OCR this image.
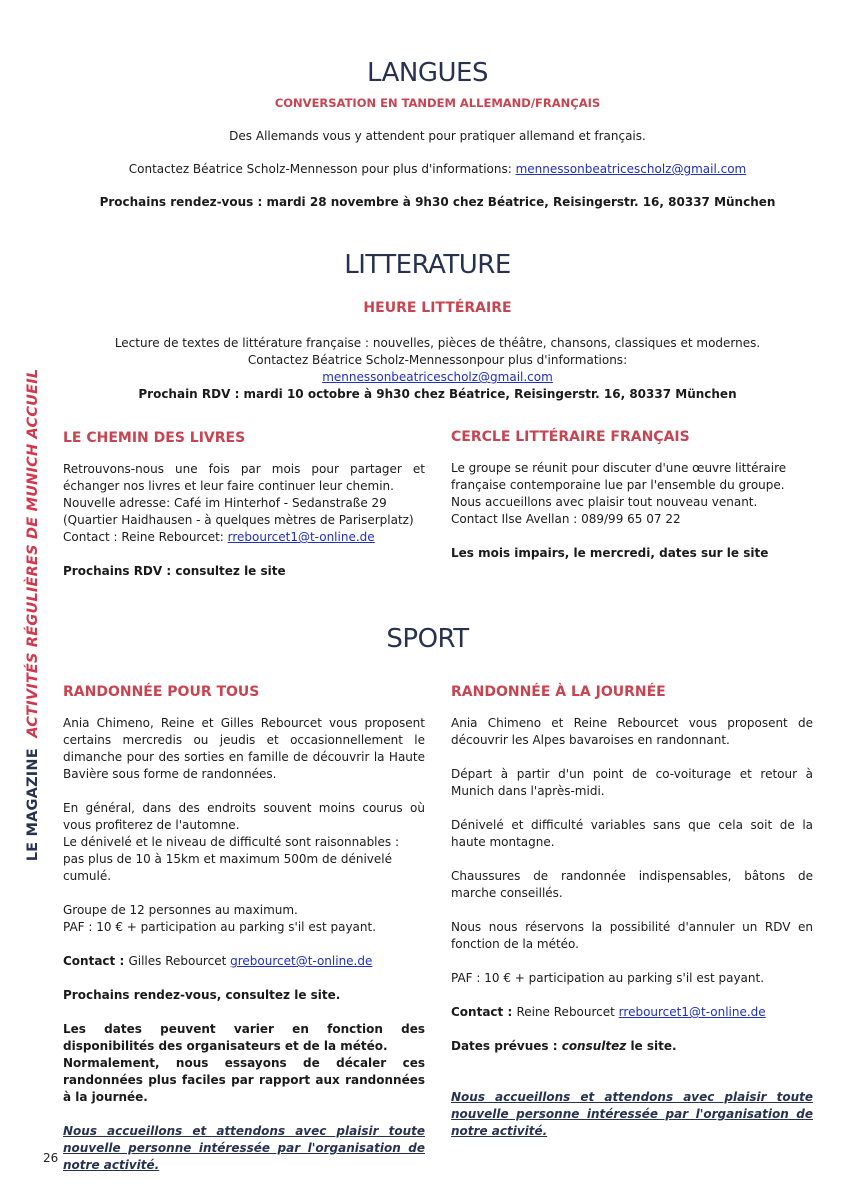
LE MAGAZINE  ACTIVITÉS RÉGULIÈRES DE MUNICH ACCUEIL
26
LANGUES
CONVERSATION EN TANDEM ALLEMAND/FRANÇAIS
Des Allemands vous y attendent pour pratiquer allemand et français.
Contactez Béatrice Scholz-Mennesson pour plus d'informations: mennessonbeatricescholz@gmail.com
Prochains rendez-vous : mardi 28 novembre à 9h30 chez Béatrice, Reisingerstr. 16, 80337 München
LITTERATURE
HEURE LITTÉRAIRE
Lecture de textes de littérature française : nouvelles, pièces de théâtre, chansons, classiques et modernes.
Contactez Béatrice Scholz-Mennessonpour plus d'informations:
mennessonbeatricescholz@gmail.com
Prochain RDV : mardi 10 octobre à 9h30 chez Béatrice, Reisingerstr. 16, 80337 München
LE CHEMIN DES LIVRES

Retrouvons-nous une fois par mois pour partager et échanger nos livres et leur faire continuer leur chemin.

Nouvelle adresse: Café im Hinterhof - Sedanstraße 29

(Quartier Haidhausen - à quelques mètres de Pariserplatz)

Contact : Reine Rebourcet: rrebourcet1@t-online.de

Prochains RDV : consultez le site

CERCLE LITTÉRAIRE FRANÇAIS

Le groupe se réunit pour discuter d'une œuvre littéraire française contemporaine lue par l'ensemble du groupe.

Nous accueillons avec plaisir tout nouveau venant.

Contact Ilse Avellan : 089/99 65 07 22

Les mois impairs, le mercredi, dates sur le site

SPORT
RANDONNÉE POUR TOUS

Ania Chimeno, Reine et Gilles Rebourcet vous proposent certains mercredis ou jeudis et occasionnellement le dimanche pour des sorties en famille de découvrir la Haute Bavière sous forme de randonnées.

En général, dans des endroits souvent moins courus où vous profiterez de l'automne.

Le dénivelé et le niveau de difficulté sont raisonnables :

pas plus de 10 à 15km et maximum 500m de dénivelé cumulé.

Groupe de 12 personnes au maximum.

PAF : 10 € + participation au parking s'il est payant.

Contact : Gilles Rebourcet grebourcet@t-online.de

Prochains rendez-vous, consultez le site.

Les dates peuvent varier en fonction des disponibilités des organisateurs et de la météo.

Normalement, nous essayons de décaler ces randonnées plus faciles par rapport aux randonnées à la journée.

Nous accueillons et attendons avec plaisir toute nouvelle personne intéressée par l'organisation de notre activité.

RANDONNÉE À LA JOURNÉE

Ania Chimeno et Reine Rebourcet vous proposent de découvrir les Alpes bavaroises en randonnant.

Départ à partir d'un point de co-voiturage et retour à Munich dans l'après-midi.

Dénivelé et difficulté variables sans que cela soit de la haute montagne.

Chaussures de randonnée indispensables, bâtons de marche conseillés.

Nous nous réservons la possibilité d'annuler un RDV en fonction de la météo.

PAF : 10 € + participation au parking s'il est payant.

Contact : Reine Rebourcet rrebourcet1@t-online.de

Dates prévues : consultez le site.

Nous accueillons et attendons avec plaisir toute nouvelle personne intéressée par l'organisation de notre activité.
